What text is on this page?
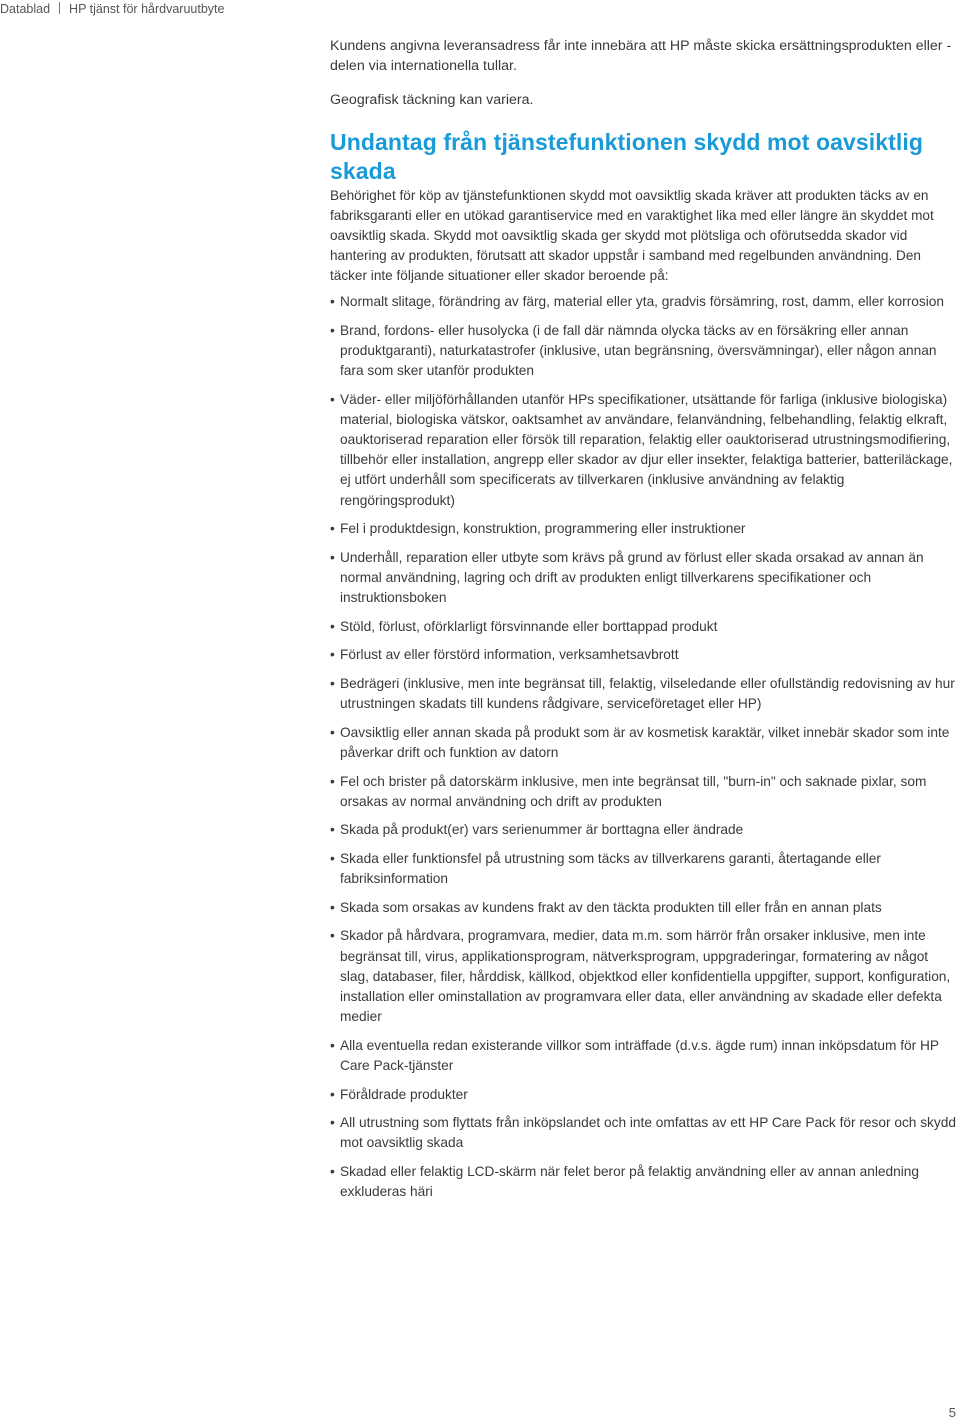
Datablad HP tjänst för hårdvaruutbyte

Kundens angivna leveransadress får inte innebära att HP måste skicka ersättningsprodukten eller -delen via internationella tullar.

Geografisk täckning kan variera.

Undantag från tjänstefunktionen skydd mot oavsiktlig skada

Behörighet för köp av tjänstefunktionen skydd mot oavsiktlig skada kräver att produkten täcks av en fabriksgaranti eller en utökad garantiservice med en varaktighet lika med eller längre än skyddet mot oavsiktlig skada. Skydd mot oavsiktlig skada ger skydd mot plötsliga och oförutsedda skador vid hantering av produkten, förutsatt att skador uppstår i samband med regelbunden användning. Den täcker inte följande situationer eller skador beroende på:

• Normalt slitage, förändring av färg, material eller yta, gradvis försämring, rost, damm, eller korrosion
• Brand, fordons- eller husolycka (i de fall där nämnda olycka täcks av en försäkring eller annan produktgaranti), naturkatastrofer (inklusive, utan begränsning, översvämningar), eller någon annan fara som sker utanför produkten
• Väder- eller miljöförhållanden utanför HPs specifikationer, utsättande för farliga (inklusive biologiska) material, biologiska vätskor, oaktsamhet av användare, felanvändning, felbehandling, felaktig elkraft, oauktoriserad reparation eller försök till reparation, felaktig eller oauktoriserad utrustningsmodifiering, tillbehör eller installation, angrepp eller skador av djur eller insekter, felaktiga batterier, batteriläckage, ej utfört underhåll som specificerats av tillverkaren (inklusive användning av felaktig rengöringsprodukt)
• Fel i produktdesign, konstruktion, programmering eller instruktioner
• Underhåll, reparation eller utbyte som krävs på grund av förlust eller skada orsakad av annan än normal användning, lagring och drift av produkten enligt tillverkarens specifikationer och instruktionsboken
• Stöld, förlust, oförklarligt försvinnande eller borttappad produkt
• Förlust av eller förstörd information, verksamhetsavbrott
• Bedrägeri (inklusive, men inte begränsat till, felaktig, vilseledande eller ofullständig redovisning av hur utrustningen skadats till kundens rådgivare, serviceföretaget eller HP)
• Oavsiktlig eller annan skada på produkt som är av kosmetisk karaktär, vilket innebär skador som inte påverkar drift och funktion av datorn
• Fel och brister på datorskärm inklusive, men inte begränsat till, "burn-in" och saknade pixlar, som orsakas av normal användning och drift av produkten
• Skada på produkt(er) vars serienummer är borttagna eller ändrade
• Skada eller funktionsfel på utrustning som täcks av tillverkarens garanti, återtagande eller fabriksinformation
• Skada som orsakas av kundens frakt av den täckta produkten till eller från en annan plats
• Skador på hårdvara, programvara, medier, data m.m. som härrör från orsaker inklusive, men inte begränsat till, virus, applikationsprogram, nätverksprogram, uppgraderingar, formatering av något slag, databaser, filer, hårddisk, källkod, objektkod eller konfidentiella uppgifter, support, konfiguration, installation eller ominstallation av programvara eller data, eller användning av skadade eller defekta medier
• Alla eventuella redan existerande villkor som inträffade (d.v.s. ägde rum) innan inköpsdatum för HP Care Pack-tjänster
• Föråldrade produkter
• All utrustning som flyttats från inköpslandet och inte omfattas av ett HP Care Pack för resor och skydd mot oavsiktlig skada
• Skadad eller felaktig LCD-skärm när felet beror på felaktig användning eller av annan anledning exkluderas häri
5
